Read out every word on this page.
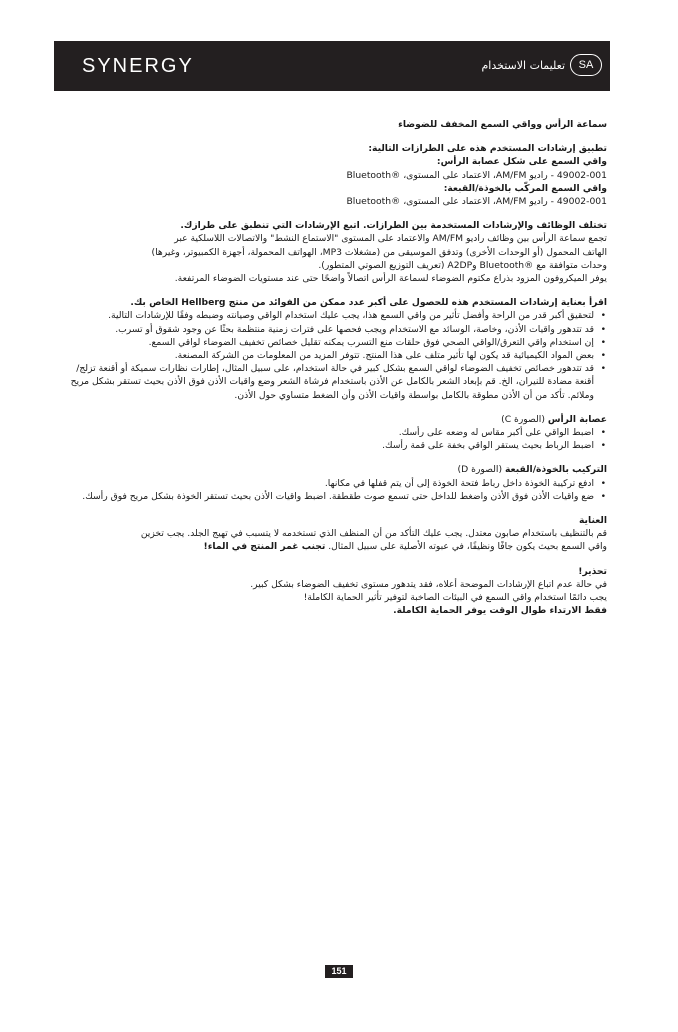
SYNERGY	تعليمات الاستخدام	SA

سماعة الرأس وواقي السمع المخفف للضوضاء

تطبيق إرشادات المستخدم هذه على الطرازات التالية:

واقي السمع على شكل عصابة الرأس:

49002-001 - راديو AM/FM، الاعتماد على المستوى، ®Bluetooth

واقي السمع المركّب بالخوذة/القبعة:

49002-001 - راديو AM/FM، الاعتماد على المستوى، ®Bluetooth

تختلف الوظائف والإرشادات المستخدمة بين الطرازات. اتبع الإرشادات التي تنطبق على طرازك.

تجمع سماعة الرأس بين وظائف راديو AM/FM والاعتماد على المستوى "الاستماع النشط" والاتصالات اللاسلكية عبر

الهاتف المحمول (أو الوحدات الأخرى) وتدفق الموسيقى من (مشغلات MP3، الهواتف المحمولة، أجهزة الكمبيوتر، وغيرها)

وحدات متوافقة مع ®Bluetooth وA2DP (تعريف التوزيع الصوتي المتطور).

يوفر الميكروفون المزود بذراع مكتوم الضوضاء لسماعة الرأس اتصالاً واضحًا حتى عند مستويات الضوضاء المرتفعة.

اقرأ بعناية إرشادات المستخدم هذه للحصول على أكبر عدد ممكن من الفوائد من منتج Hellberg الخاص بك.

• لتحقيق أكبر قدر من الراحة وأفضل تأثير من واقي السمع هذا، يجب عليك استخدام الواقي وصيانته وضبطه وفقًا للإرشادات التالية.
• قد تتدهور واقيات الأذن، وخاصة، الوسائد مع الاستخدام ويجب فحصها على فترات زمنية منتظمة بحثًا عن وجود شقوق أو تسرب.
• إن استخدام واقي التعرق/الواقي الصحي فوق حلقات منع التسرب يمكنه تقليل خصائص تخفيف الضوضاء لواقي السمع.
• بعض المواد الكيميائية قد يكون لها تأثير متلف على هذا المنتج. تتوفر المزيد من المعلومات من الشركة المصنعة.
• قد تتدهور خصائص تخفيف الضوضاء لواقي السمع بشكل كبير في حالة استخدام، على سبيل المثال، إطارات نظارات سميكة أو أقنعة تزلج/أقنعة مضادة للنيران، الخ. قم بإبعاد الشعر بالكامل عن الأذن باستخدام فرشاة الشعر وضع واقيات الأذن فوق الأذن بحيث تستقر بشكل مريح وملائم. تأكد من أن الأذن مطوقة بالكامل بواسطة واقيات الأذن وأن الضغط متساوي حول الأذن.

عصابة الرأس (الصورة C)

• اضبط الواقي على أكبر مقاس له وضعه على رأسك.
• اضبط الرباط بحيث يستقر الواقي بخفة على قمة رأسك.

التركيب بالخوذة/القبعة (الصورة D)

• ادفع تركيبة الخوذة داخل رباط فتحة الخوذة إلى أن يتم قفلها في مكانها.
• ضع واقيات الأذن فوق الأذن واضغط للداخل حتى تسمع صوت طقطقة. اضبط واقيات الأذن بحيث تستقر الخوذة بشكل مريح فوق رأسك.

العناية

قم بالتنظيف باستخدام صابون معتدل. يجب عليك التأكد من أن المنظف الذي تستخدمه لا يتسبب في تهيج الجلد. يجب تخزين

واقي السمع بحيث يكون جافًا ونظيفًا، في عبوته الأصلية على سبيل المثال. تجنب غمر المنتج في الماء!

تحذير!

في حالة عدم اتباع الإرشادات الموضحة أعلاه، فقد يتدهور مستوى تخفيف الضوضاء بشكل كبير.

يجب دائمًا استخدام واقي السمع في البيئات الصاخبة لتوفير تأثير الحماية الكاملة!

فقط الارتداء طوال الوقت يوفر الحماية الكاملة.

151
